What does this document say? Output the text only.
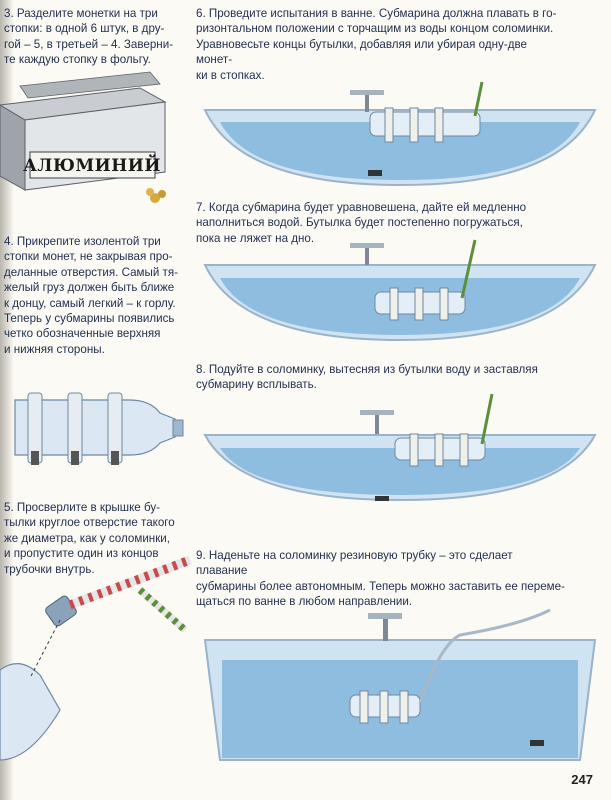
3. Разделите монетки на три
стопки: в одной 6 штук, в дру-
гой – 5, в третьей – 4. Заверни-
те каждую стопку в фольгу.
4. Прикрепите изолентой три
стопки монет, не закрывая про-
деланные отверстия. Самый тя-
желый груз должен быть ближе
к донцу, самый легкий – к горлу.
Теперь у субмарины появились
четко обозначенные верхняя
и нижняя стороны.
5. Просверлите в крышке бу-
тылки круглое отверстие такого
же диаметра, как у соломинки,
и пропустите один из концов
трубочки внутрь.
6. Проведите испытания в ванне. Субмарина должна плавать в го-
ризонтальном положении с торчащим из воды концом соломинки.
Уравновесьте концы бутылки, добавляя или убирая одну-две монет-
ки в стопках.
7. Когда субмарина будет уравновешена, дайте ей медленно
наполниться водой. Бутылка будет постепенно погружаться,
пока не ляжет на дно.
8. Подуйте в соломинку, вытесняя из бутылки воду и заставляя
субмарину всплывать.
9. Наденьте на соломинку резиновую трубку – это сделает плавание
субмарины более автономным. Теперь можно заставить ее переме-
щаться по ванне в любом направлении.
АЛЮМИНИЙ
247
